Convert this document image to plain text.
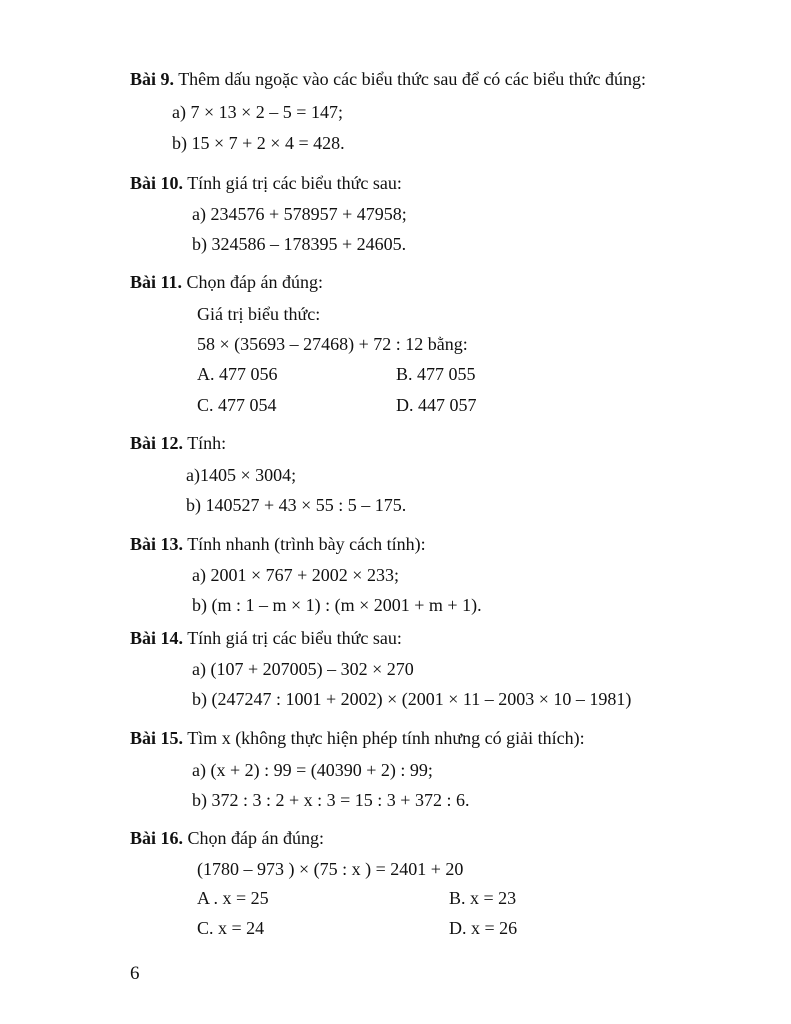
Bài 9. Thêm dấu ngoặc vào các biểu thức sau để có các biểu thức đúng:
a) 7 × 13 × 2 – 5 = 147;
b) 15 × 7 + 2 × 4 = 428.
Bài 10. Tính giá trị các biểu thức sau:
a) 234576 + 578957 + 47958;
b) 324586 – 178395 + 24605.
Bài 11. Chọn đáp án đúng:
Giá trị biểu thức:
58 × (35693 – 27468) + 72 : 12 bằng:
A. 477 056	B. 477 055
C. 477 054	D. 447 057
Bài 12. Tính:
a)1405 × 3004;
b) 140527 + 43 × 55 : 5 – 175.
Bài 13. Tính nhanh (trình bày cách tính):
a) 2001 × 767 + 2002 × 233;
b) (m : 1 – m × 1) : (m × 2001 + m + 1).
Bài 14. Tính giá trị các biểu thức sau:
a) (107 + 207005) – 302 × 270
b) (247247 : 1001 + 2002) × (2001 × 11 – 2003 × 10 – 1981)
Bài 15. Tìm x (không thực hiện phép tính nhưng có giải thích):
a) (x + 2) : 99 = (40390 + 2) : 99;
b) 372 : 3 : 2 + x : 3 = 15 : 3 + 372 : 6.
Bài 16. Chọn đáp án đúng:
(1780 – 973 ) × (75 : x ) = 2401 + 20
A . x = 25	B. x = 23
C. x = 24	D. x = 26
6
